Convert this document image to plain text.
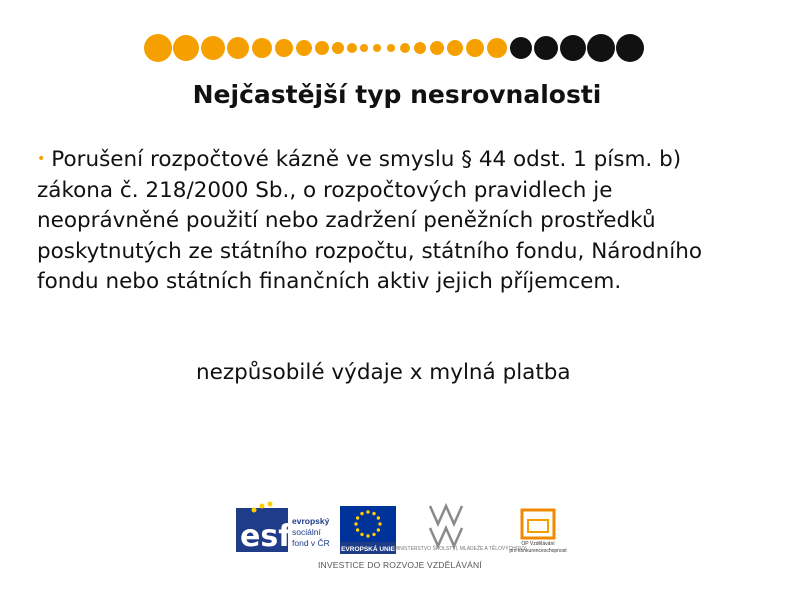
Nejčastější typ nesrovnalosti
• Porušení rozpočtové kázně ve smyslu § 44 odst. 1 písm. b)
zákona č. 218/2000 Sb., o rozpočtových pravidlech je
neoprávněné použití nebo zadržení peněžních prostředků
poskytnutých ze státního rozpočtu, státního fondu, Národního
fondu nebo státních finančních aktiv jejich příjemcem.
nezpůsobilé výdaje x mylná platba
esf evropský
sociální
fond v ČR
EVROPSKÁ UNIE
MINISTERSTVO ŠKOLSTVÍ, MLÁDEŽE A TĚLOVÝCHOVY
OP Vzdělávání
pro konkurenceschopnost
INVESTICE DO ROZVOJE VZDĚLÁVÁNÍ
